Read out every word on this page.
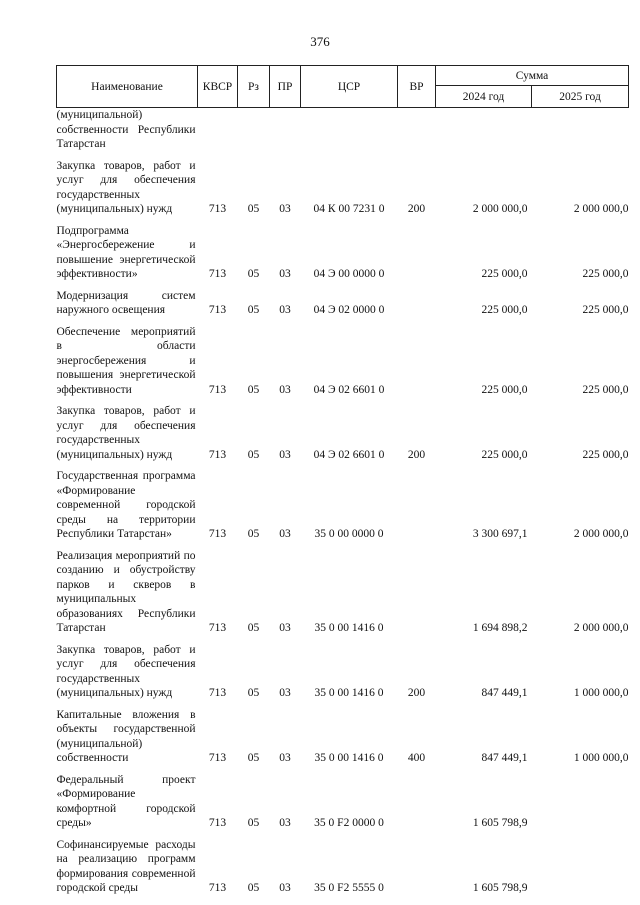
376
Наименование	КВСР	Рз	ПР	ЦСР	ВР	Сумма	
						2024 год	2025 год
(муниципальной) собственности Республики Татарстан							

Закупка товаров, работ и услуг для обеспечения государственных (муниципальных) нужд	713	05	03	04 К 00 7231 0	200	2 000 000,0	2 000 000,0

Подпрограмма «Энергосбережение и повышение энергетической эффективности»	713	05	03	04 Э 00 0000 0		225 000,0	225 000,0

Модернизация систем наружного освещения	713	05	03	04 Э 02 0000 0		225 000,0	225 000,0

Обеспечение мероприятий в области энергосбережения и повышения энергетической эффективности	713	05	03	04 Э 02 6601 0		225 000,0	225 000,0

Закупка товаров, работ и услуг для обеспечения государственных (муниципальных) нужд	713	05	03	04 Э 02 6601 0	200	225 000,0	225 000,0

Государственная программа «Формирование современной городской среды на территории Республики Татарстан»	713	05	03	35 0 00 0000 0		3 300 697,1	2 000 000,0

Реализация мероприятий по созданию и обустройству парков и скверов в муниципальных образованиях Республики Татарстан	713	05	03	35 0 00 1416 0		1 694 898,2	2 000 000,0

Закупка товаров, работ и услуг для обеспечения государственных (муниципальных) нужд	713	05	03	35 0 00 1416 0	200	847 449,1	1 000 000,0

Капитальные вложения в объекты государственной (муниципальной) собственности	713	05	03	35 0 00 1416 0	400	847 449,1	1 000 000,0

Федеральный проект «Формирование комфортной городской среды»	713	05	03	35 0 F2 0000 0		1 605 798,9	

Софинансируемые расходы на реализацию программ формирования современной городской среды	713	05	03	35 0 F2 5555 0		1 605 798,9	
